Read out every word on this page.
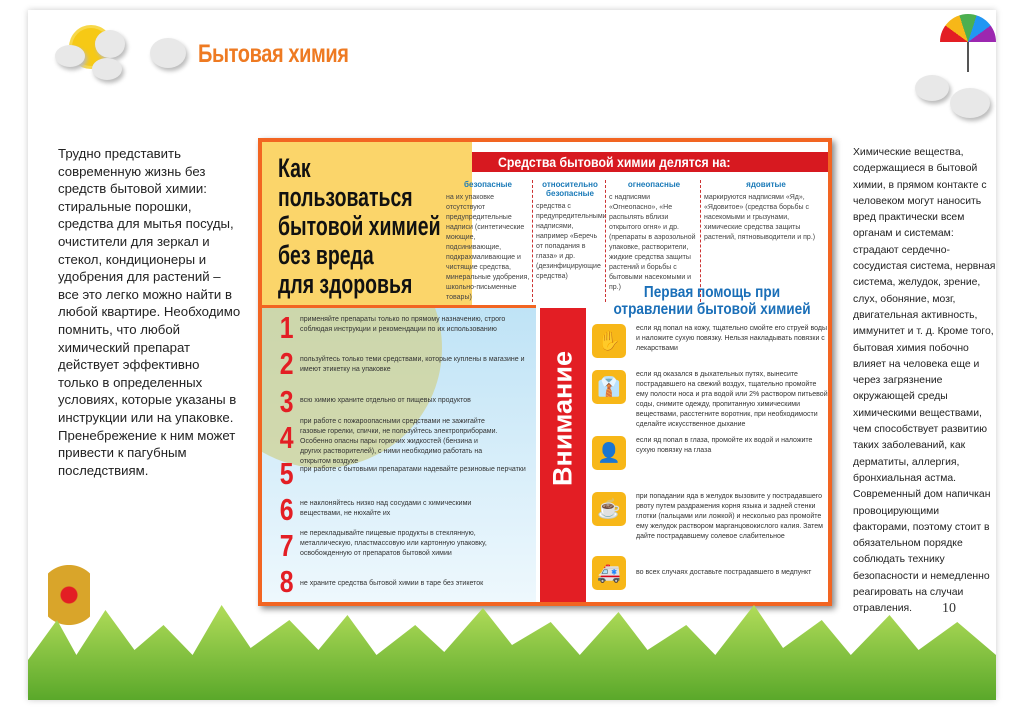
Бытовая химия
Трудно представить современную жизнь без средств бытовой химии: стиральные порошки, средства для мытья посуды, очистители для зеркал и стекол, кондиционеры и удобрения для растений – все это легко можно найти в любой квартире. Необходимо помнить, что любой химический препарат действует эффективно только в определенных условиях, которые указаны в инструкции или на упаковке. Пренебрежение к ним может привести к пагубным последствиям.
Химические вещества, содержащиеся в бытовой химии, в прямом контакте с человеком могут наносить вред практически всем органам и системам: страдают сердечно-сосудистая система, нервная система, желудок, зрение, слух, обоняние, мозг, двигательная активность, иммунитет и т. д. Кроме того, бытовая химия побочно влияет на человека еще и через загрязнение окружающей среды химическими веществами, чем способствует развитию таких заболеваний, как дерматиты, аллергия, бронхиальная астма. Современный дом напичкан провоцирующими факторами, поэтому стоит в обязательном порядке соблюдать технику безопасности и немедленно реагировать на случаи отравления.
Средства бытовой химии делятся на:
безопасные
на их упаковке отсутствуют предупредительные надписи (синтетические моющие, подсинивающие, подкрахмаливающие и чистящие средства, минеральные удобрения, школьно-письменные товары)
относительно безопасные
средства с предупредительными надписями, например «Беречь от попадания в глаза» и др. (дезинфицирующие средства)
огнеопасные
с надписями «Огнеопасно», «Не распылять вблизи открытого огня» и др. (препараты в аэрозольной упаковке, растворители, жидкие средства защиты растений и борьбы с бытовыми насекомыми и пр.)
ядовитые
маркируются надписями «Яд», «Ядовитое» (средства борьбы с насекомыми и грызунами, химические средства защиты растений, пятновыводители и пр.)
Как
пользоваться
бытовой химией
без вреда
для здоровья
1 применяйте препараты только по прямому назначению, строго соблюдая инструкции и рекомендации по их использованию
2 пользуйтесь только теми средствами, которые куплены в магазине и имеют этикетку на упаковке
3 всю химию храните отдельно от пищевых продуктов
4 при работе с пожароопасными средствами не зажигайте газовые горелки, спички, не пользуйтесь электроприборами. Особенно опасны пары горючих жидкостей (бензина и других растворителей), с ними необходимо работать на открытом воздухе
5 при работе с бытовыми препаратами надевайте резиновые перчатки
6 не наклоняйтесь низко над сосудами с химическими веществами, не нюхайте их
7 не перекладывайте пищевые продукты в стеклянную, металлическую, пластмассовую или картонную упаковку, освобожденную от препаратов бытовой химии
8 не храните средства бытовой химии в таре без этикеток
Внимание
Первая помощь при отравлении бытовой химией
✋
если яд попал на кожу, тщательно смойте его струей воды и наложите сухую повязку. Нельзя накладывать повязки с лекарствами
👔
если яд оказался в дыхательных путях, вынесите пострадавшего на свежий воздух, тщательно промойте ему полости носа и рта водой или 2% раствором питьевой соды, снимите одежду, пропитанную химическими веществами, расстегните воротник, при необходимости сделайте искусственное дыхание
👤
если яд попал в глаза, промойте их водой и наложите сухую повязку на глаза
☕
при попадании яда в желудок вызовите у пострадавшего рвоту путем раздражения корня языка и задней стенки глотки (пальцами или ложкой) и несколько раз промойте ему желудок раствором марганцовокислого калия. Затем дайте пострадавшему солевое слабительное
🚑	во всех случаях доставьте пострадавшего в медпункт
10
